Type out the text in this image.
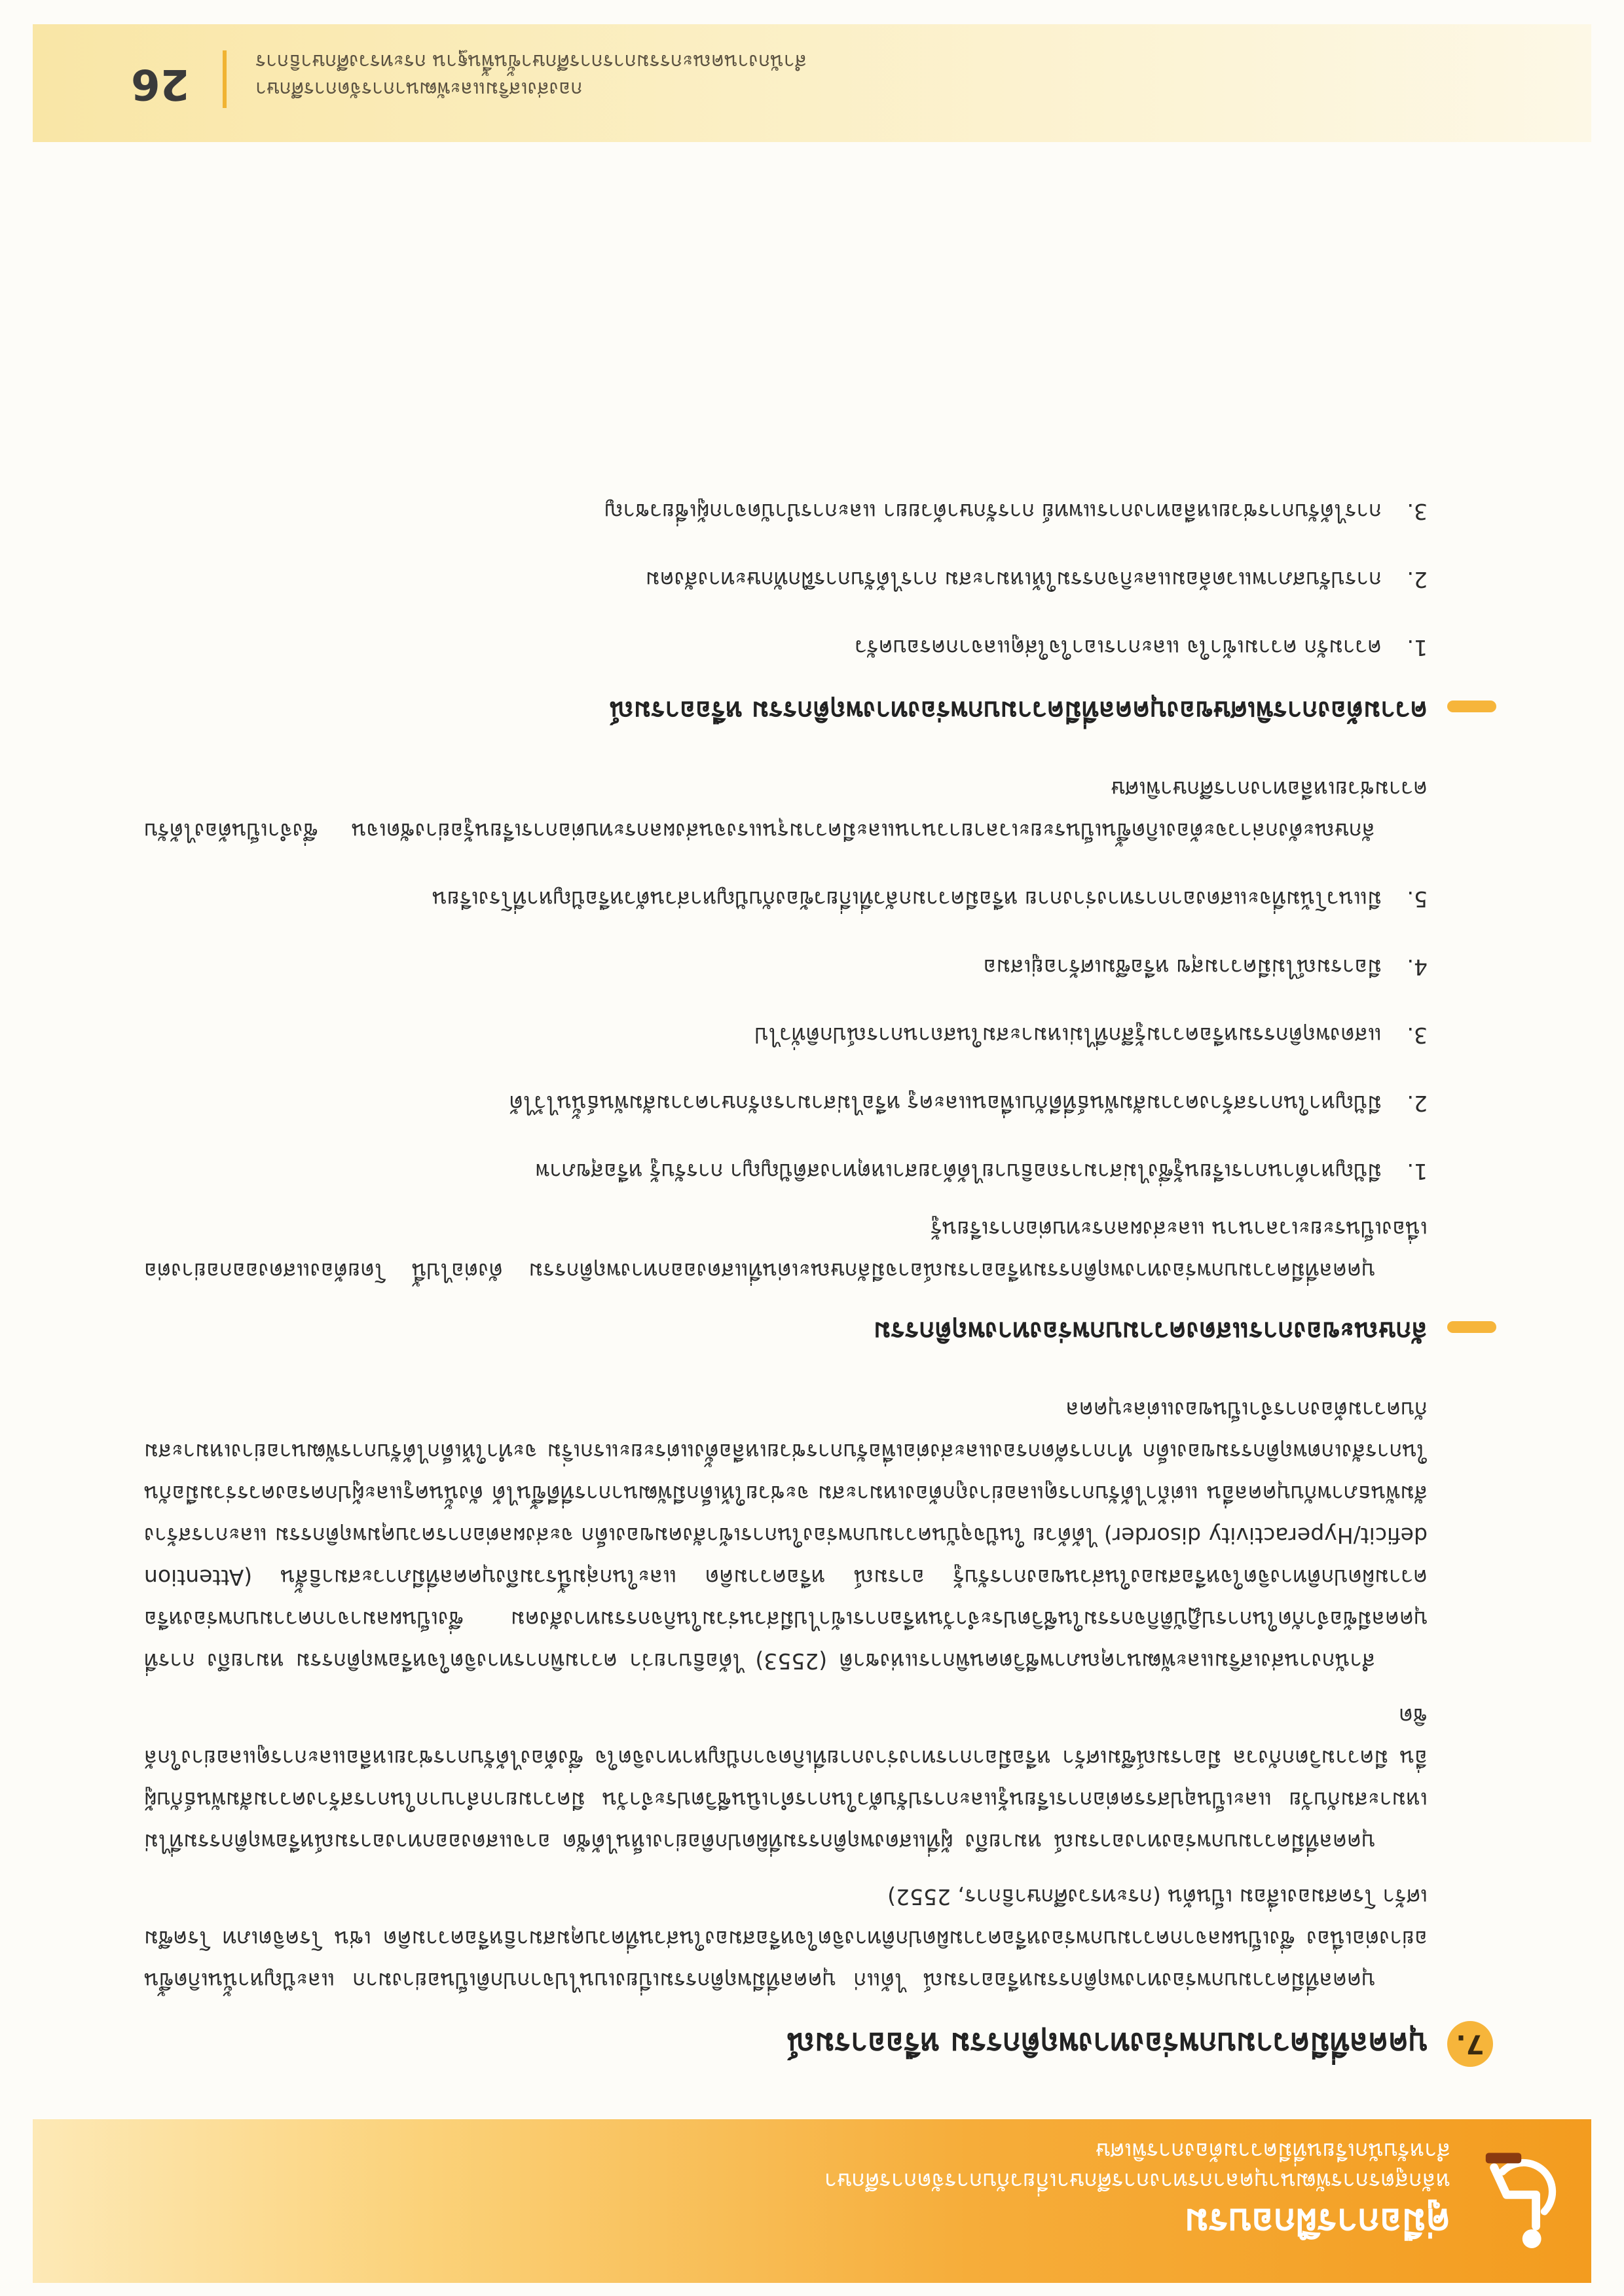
คู่มือการฝึกอบรม
หลักสูตรการพัฒนาบุคลากรทางการศึกษาเกี่ยวกับการจัดการศึกษา
สำหรับนักเรียนที่มีความต้องการพิเศษ
7.
บุคคลที่มีความบกพร่องทางพฤติกรรม หรืออารมณ์

บุคคลที่มีความบกพร่องทางพฤติกรรมหรืออารมณ์ ได้แก่ บุคคลที่มีพฤติกรรมเบี่ยงเบนไปจากปกติเป็นอย่างมาก และปัญหานั้นเกิดขึ้นอย่างต่อเนื่อง ซึ่งเป็นผลจากความบกพร่องหรือความผิดปกติทางจิตใจหรือสมองในส่วนที่ควบคุมสมาธิหรือความคิด เช่น โรคจิตเภท โรคซึมเศร้า โรคสมองเสื่อม เป็นต้น (กระทรวงศึกษาธิการ, 2552)

บุคคลที่มีความบกพร่องทางอารมณ์ หมายถึง ผู้ที่แสดงพฤติกรรมที่ผิดปกติอย่างเห็นได้ชัด อาจแสดงออกทางอารมณ์หรือพฤติกรรมที่ไม่เหมาะสมกับวัย และเป็นอุปสรรคต่อการเรียนรู้และการปรับตัวในการดำเนินชีวิตประจำวัน มีความยากลำบากในการสร้างความสัมพันธ์กับผู้อื่น มีความวิตกกังวล มีอารมณ์ซึมเศร้า หรือมีอาการทางร่างกายที่เกิดจากปัญหาทางจิตใจ ซึ่งต้องได้รับการช่วยเหลือและการดูแลอย่างใกล้ชิด

สำนักงานส่งเสริมและพัฒนาคุณภาพชีวิตคนพิการแห่งชาติ (2553) ได้อธิบายว่า ความพิการทางจิตใจหรือพฤติกรรม หมายถึง การที่บุคคลมีข้อจำกัดในการปฏิบัติกิจกรรมในชีวิตประจำวันหรือการเข้าไปมีส่วนร่วมในกิจกรรมทางสังคม ซึ่งเป็นผลมาจากความบกพร่องหรือความผิดปกติทางจิตใจหรือสมองในส่วนของการรับรู้ อารมณ์ หรือความคิด และในกลุ่มนี้รวมถึงบุคคลที่มีภาวะสมาธิสั้น (Attention deficit/Hyperactivity disorder) ได้ด้วย ในปัจจุบันความบกพร่องในการเข้าสังคมของเด็ก จะส่งผลต่อการควบคุมพฤติกรรม และการสร้างสัมพันธภาพกับบุคคลอื่น แต่ถ้าได้รับการดูแลอย่างถูกต้องเหมาะสม จะช่วยให้เด็กมีพัฒนาการที่ดีขึ้นได้ ดังนั้นครูและผู้ปกครองควรร่วมมือกันในการสังเกตพฤติกรรมของเด็ก ทำการคัดกรองและส่งต่อเพื่อรับการช่วยเหลือตั้งแต่ระยะแรกเริ่ม จะทำให้เด็กได้รับการพัฒนาอย่างเหมาะสมกับความต้องการจำเป็นของแต่ละบุคคล

ลักษณะของการแสดงความบกพร่องทางพฤติกรรม

บุคคลที่มีความบกพร่องทางพฤติกรรมหรืออารมณ์อาจมีลักษณะเด่นที่แสดงออกทางพฤติกรรม ดังต่อไปนี้ โดยต้องแสดงออกอย่างต่อเนื่องเป็นระยะเวลานาน และส่งผลกระทบต่อการเรียนรู้

1.
มีปัญหาด้านการเรียนรู้ซึ่งไม่สามารถอธิบายได้ด้วยสาเหตุทางสติปัญญา การรับรู้ หรือสุขภาพ
2.
มีปัญหาในการสร้างความสัมพันธ์ที่ดีกับเพื่อนและครู หรือไม่สามารถรักษาความสัมพันธ์นั้นไว้ได้
3.
แสดงพฤติกรรมหรือความรู้สึกที่ไม่เหมาะสมในสถานการณ์ปกติทั่วไป
4.
มีอารมณ์ไม่มีความสุข หรือซึมเศร้าอยู่เสมอ
5.
มีแนวโน้มที่จะแสดงอาการทางร่างกาย หรือมีความกลัวที่เกี่ยวข้องกับปัญหาส่วนตัวหรือปัญหาที่โรงเรียน

ลักษณะดังกล่าวจะต้องเกิดขึ้นเป็นระยะเวลายาวนานและมีความรุนแรงจนส่งผลกระทบต่อการเรียนรู้อย่างชัดเจน ซึ่งจำเป็นต้องได้รับความช่วยเหลือทางการศึกษาพิเศษ

ความต้องการพิเศษของบุคคลที่มีความบกพร่องทางพฤติกรรม หรืออารมณ์
1.
ความรัก ความเข้าใจ และการเอาใจใส่ดูแลจากครอบครัว
2.
การปรับสภาพแวดล้อมและกิจกรรมให้เหมาะสม การได้รับการฝึกทักษะทางสังคม
3.
การได้รับการช่วยเหลือทางการแพทย์ การรักษาด้วยยา และการบำบัดจากผู้เชี่ยวชาญ
กองส่งเสริมและพัฒนาการจัดการศึกษา
สำนักงานคณะกรรมการการศึกษาขั้นพื้นฐาน กระทรวงศึกษาธิการ
26
